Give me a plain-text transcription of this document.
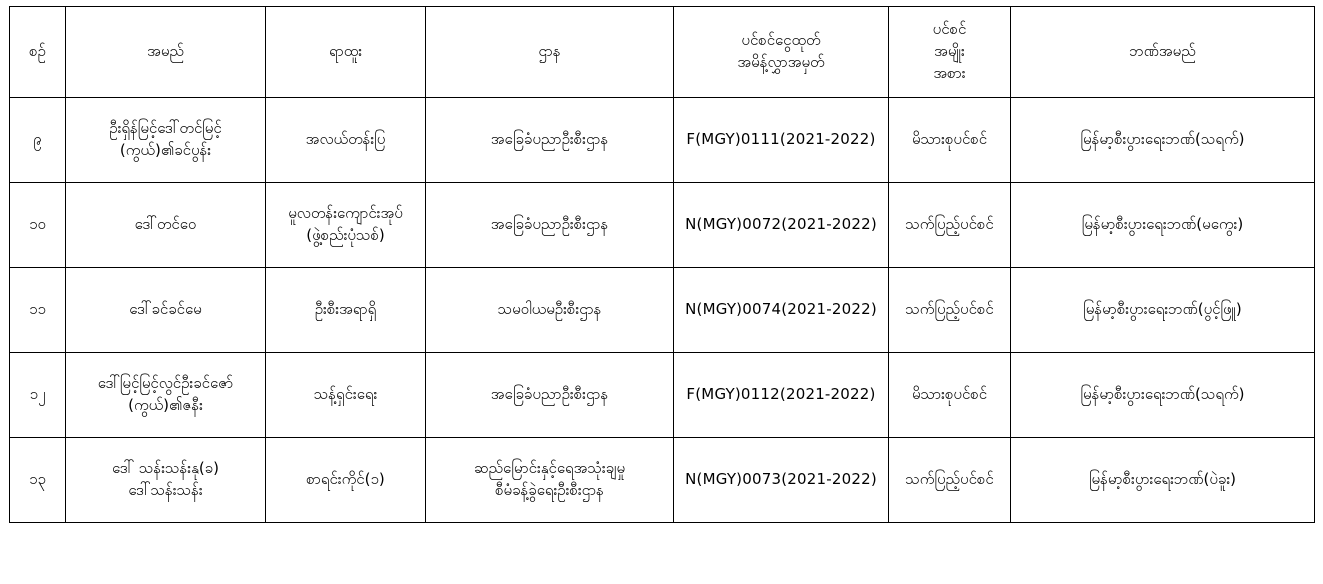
စဉ်	အမည်	ရာထူး	ဌာန	ပင်စင်ငွေထုတ်
အမိန့်လွှာအမှတ်	ပင်စင်
အမျိုး
အစား	ဘဏ်အမည်

၉	ဦးရှိန်မြင့်ဒေါ်တင်မြင့်
(ကွယ်)၏ခင်ပွန်း	အလယ်တန်းပြ	အခြေခံပညာဦးစီးဌာန	F(MGY)0111(2021-2022)	မိသားစုပင်စင်	မြန်မာ့စီးပွားရေးဘဏ်(သရက်)

၁၀	ဒေါ်တင်ဝေ	မူလတန်းကျောင်းအုပ်
(ဖွဲ့စည်းပုံသစ်)	အခြေခံပညာဦးစီးဌာန	N(MGY)0072(2021-2022)	သက်ပြည့်ပင်စင်	မြန်မာ့စီးပွားရေးဘဏ်(မကွေး)

၁၁	ဒေါ်ခင်ခင်မေ	ဦးစီးအရာရှိ	သမဝါယမဦးစီးဌာန	N(MGY)0074(2021-2022)	သက်ပြည့်ပင်စင်	မြန်မာ့စီးပွားရေးဘဏ်(ပွင့်ဖြူ)

၁၂	ဒေါ်မြင့်မြင့်လွင်ဦးခင်ဇော်
(ကွယ်)၏ဇနီး	သန့်ရှင်းရေး	အခြေခံပညာဦးစီးဌာန	F(MGY)0112(2021-2022)	မိသားစုပင်စင်	မြန်မာ့စီးပွားရေးဘဏ်(သရက်)

၁၃	ဒေါ် သန်းသန်းနု(ခ)
ဒေါ်သန်းသန်း	စာရင်းကိုင်(၁)	ဆည်မြောင်းနှင့်ရေအသုံးချမှု
စီမံခန့်ခွဲရေးဦးစီးဌာန	N(MGY)0073(2021-2022)	သက်ပြည့်ပင်စင်	မြန်မာ့စီးပွားရေးဘဏ်(ပဲခူး)
